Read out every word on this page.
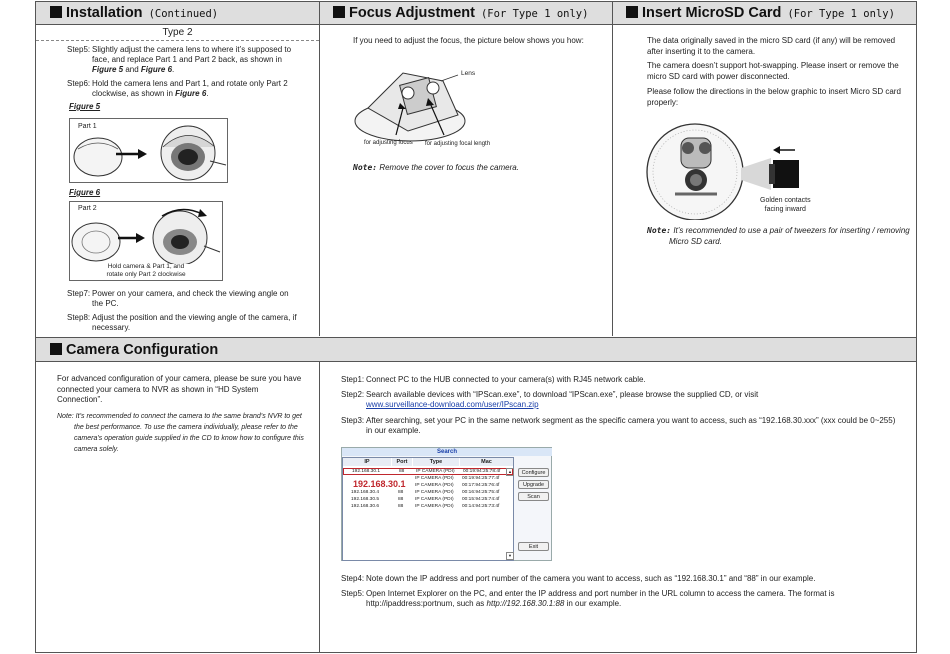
Installation (Continued)	Focus Adjustment (For Type 1 only)	Insert MicroSD Card (For Type 1 only)
Type 2
Step5: Slightly adjust the camera lens to where it’s supposed to
face, and replace Part 1 and Part 2 back, as shown in
Figure 5 and Figure 6.
Step6: Hold the camera lens and Part 1, and rotate only Part 2
clockwise, as shown in Figure 6.
Figure 5
Part 1
Figure 6
Part 2
Hold camera & Part 1, and
rotate only Part 2 clockwise
Step7: Power on your camera, and check the viewing angle on
the PC.
Step8: Adjust the position and the viewing angle of the camera, if
necessary.
If you need to adjust the focus, the picture below shows you how:
Lens
for adjusting focus for adjusting focal length
Note: Remove the cover to focus the camera.
The data originally saved in the micro SD card (if any) will be removed
after inserting it to the camera.
The camera doesn’t support hot-swapping. Please insert or remove the
micro SD card with power disconnected.
Please follow the directions in the below graphic to insert Micro SD card
properly:
Golden contacts
facing inward
Note: It’s recommended to use a pair of tweezers for inserting / removing
Micro SD card.
Camera Configuration
For advanced configuration of your camera, please be sure you have
connected your camera to NVR as shown in “HD System
Connection”.
Note: It’s recommended to connect the camera to the same brand’s NVR to get
the best performance. To use the camera individually, please refer to the
camera’s operation guide supplied in the CD to know how to configure this
camera solely.
Step1: Connect PC to the HUB connected to your camera(s) with RJ45 network cable.
Step2: Search available devices with “IPScan.exe”, to download “IPScan.exe”, please browse the supplied CD, or visit
www.surveillance-download.com/user/IPscan.zip
Step3: After searching, set your PC in the same network segment as the specific camera you want to access, such as “192.168.30.xxx” (xxx could be 0~255)
in our example.
Search
IP	Port	Type	Mac
192.168.30.1	88 IP CAMERA (PDI) 00:19:94:25:78:4f
IP CAMERA (PDI) 00:19:94:25:77:4f
IP CAMERA (PDI) 00:17:94:25:76:4f
192.168.30.4	88 IP CAMERA (PDI) 00:16:94:25:75:4f
192.168.30.5	88 IP CAMERA (PDI) 00:15:94:25:74:4f
192.168.30.6	88 IP CAMERA (PDI) 00:14:94:25:73:4f
192.168.30.1
▲
▼
Configure
Upgrade
Scan
Exit
Step4: Note down the IP address and port number of the camera you want to access, such as “192.168.30.1” and “88” in our example.
Step5: Open Internet Explorer on the PC, and enter the IP address and port number in the URL column to access the camera. The format is
http://ipaddress:portnum, such as http://192.168.30.1:88 in our example.
